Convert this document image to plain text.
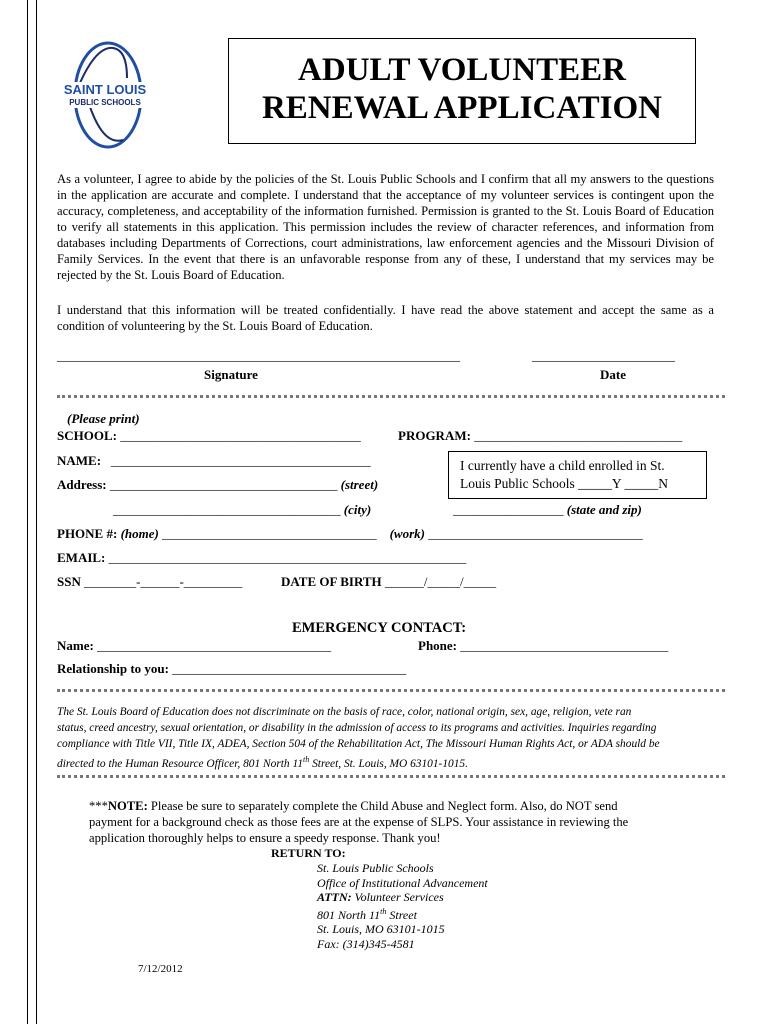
SAINT LOUIS
PUBLIC SCHOOLS
ADULT VOLUNTEER
RENEWAL APPLICATION
As a volunteer, I agree to abide by the policies of the St. Louis Public Schools and I confirm that all my answers to the questions in the application are accurate and complete. I understand that the acceptance of my volunteer services is contingent upon the accuracy, completeness, and acceptability of the information furnished. Permission is granted to the St. Louis Board of Education to verify all statements in this application. This permission includes the review of character references, and information from databases including Departments of Corrections, court administrations, law enforcement agencies and the Missouri Division of Family Services. In the event that there is an unfavorable response from any of these, I understand that my services may be rejected by the St. Louis Board of Education.
I understand that this information will be treated confidentially. I have read the above statement and accept the same as a condition of volunteering by the St. Louis Board of Education.
______________________________________________________________	______________________
Signature	Date
(Please print)
SCHOOL: _____________________________________	PROGRAM: ________________________________
NAME: ________________________________________	I currently have a child enrolled in St.
Louis Public Schools _____Y _____N
Address: ___________________________________ (street)
___________________________________ (city)	_________________ (state and zip)
PHONE #: (home) _________________________________ (work) _________________________________
EMAIL: _______________________________________________________
SSN ________-______-_________	DATE OF BIRTH ______/_____/_____
EMERGENCY CONTACT:
Name: ____________________________________	Phone: ________________________________
Relationship to you: ____________________________________
The St. Louis Board of Education does not discriminate on the basis of race, color, national origin, sex, age, religion, vete ran
status, creed ancestry, sexual orientation, or disability in the admission of access to its programs and activities. Inquiries regarding
compliance with Title VII, Title IX, ADEA, Section 504 of the Rehabilitation Act, The Missouri Human Rights Act, or ADA should be
directed to the Human Resource Officer, 801 North 11th Street, St. Louis, MO 63101-1015.
***NOTE: Please be sure to separately complete the Child Abuse and Neglect form. Also, do NOT send
payment for a background check as those fees are at the expense of SLPS. Your assistance in reviewing the
application thoroughly helps to ensure a speedy response. Thank you!
RETURN TO:
St. Louis Public Schools
Office of Institutional Advancement
ATTN: Volunteer Services
801 North 11th Street
St. Louis, MO 63101-1015
Fax: (314)345-4581
7/12/2012
